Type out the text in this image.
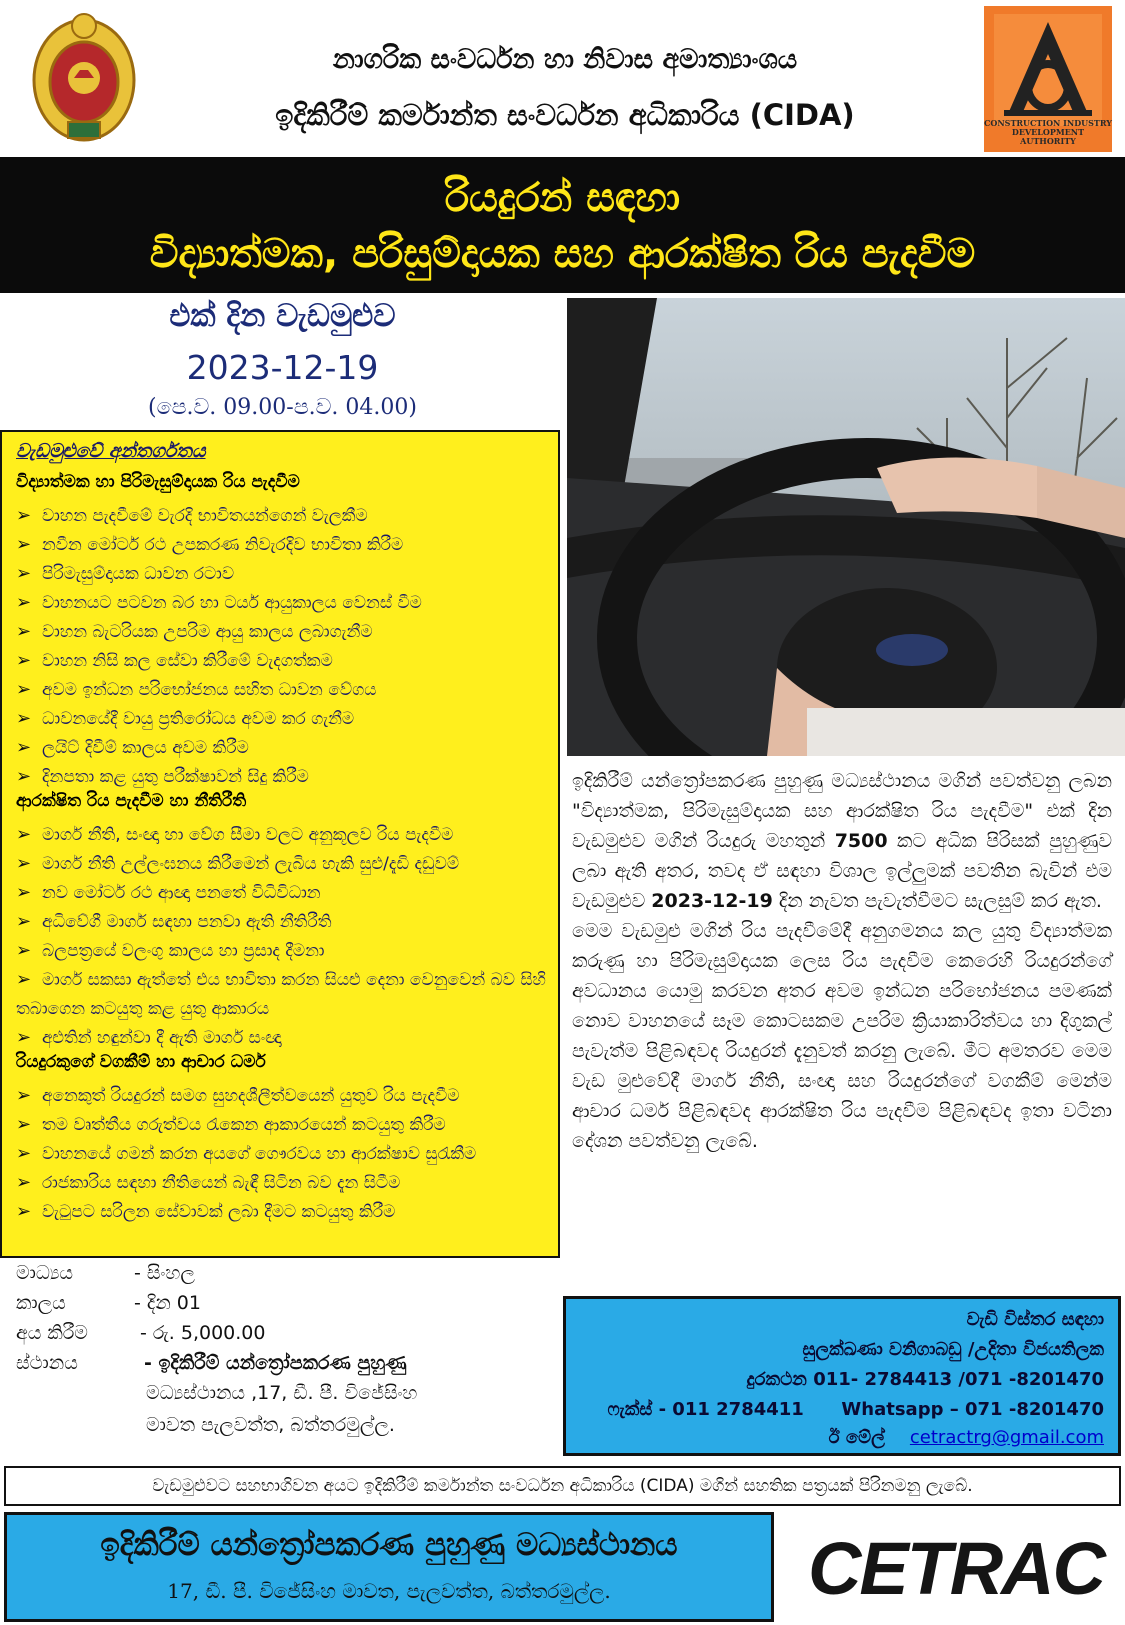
නාගරික සංවර්ධන හා නිවාස අමාත්‍යාංශය
ඉදිකිරීම් කර්මාන්ත සංවර්ධන අධිකාරිය (CIDA)	CONSTRUCTION INDUSTRY DEVELOPMENT AUTHORITY
රියදුරන් සඳහා
විද්‍යාත්මක, පරිසුම්දායක සහ ආරක්ෂිත රිය පැදවීම
එක් දින වැඩමුළුව
2023-12-19
(පෙ.ව. 09.00-ප.ව. 04.00)
වැඩමුළුවේ අන්තර්ගතය
විද්‍යාත්මක හා පිරිමැසුම්දායක රිය පැදවීම
➢ වාහන පැදවීමේ වැරදි භාවිතයන්ගෙන් වැලකීම
➢ නවීන මෝටර් රථ උපකරණ නිවැරදිව භාවිතා කිරීම
➢ පිරිමැසුම්දායක ධාවන රටාව
➢ වාහනයට පටවන බර හා ටයර් ආයුකාලය වෙනස් වීම
➢ වාහන බැටරියක උපරිම ආයු කාලය ලබාගැනීම
➢ වාහන නිසි කල සේවා කිරීමේ වැදගත්කම
➢ අවම ඉන්ධන පරිභෝජනය සහිත ධාවන වේගය
➢ ධාවනයේදී වායු ප්‍රතිරෝධය අවම කර ගැනීම
➢ ලයිට් දිවීම් කාලය අවම කිරීම
➢ දිනපතා කළ යුතු පරීක්ෂාවන් සිදු කිරීම
ආරක්ෂිත රිය පැදවීම හා නීතිරීති
➢ මාර්ග නීති, සංඥා හා වේග සීමා වලට අනුකූලව රිය පැදවීම
➢ මාර්ග නීති උල්ලංඝනය කිරීමෙන් ලැබිය හැකි සුළු/දැඩි දඩුවම්
➢ නව මෝටර් රථ ආඥා පනතේ විධිවිධාන
➢ අධිවේගී මාර්ග සඳහා පනවා ඇති නීතිරීති
➢ බලපත්‍රයේ වලංගු කාලය හා ප්‍රසාද දීමනා
➢ මාර්ග සකසා ඇත්තේ එය භාවිතා කරන සියළු දෙනා වෙනුවෙන් බව සිහි තබාගෙන කටයුතු කළ යුතු ආකාරය
➢ අළුතින් හඳුන්වා දී ඇති මාර්ග සංඥා
රියදුරකුගේ වගකීම් හා ආචාර ධර්ම
➢ අනෙකුත් රියදුරන් සමග සුහදශීලීත්වයෙන් යුතුව රිය පැදවීම
➢ තම වෘත්තීය ගරුත්වය රැකෙන ආකාරයෙන් කටයුතු කිරීම
➢ වාහනයේ ගමන් කරන අයගේ ගෞරවය හා ආරක්ෂාව සුරැකීම
➢ රාජකාරිය සඳහා නීතියෙන් බැඳී සිටින බව දැන සිටීම
➢ වැටුපට සරිලන සේවාවක් ලබා දීමට කටයුතු කිරීම
ඉදිකිරීම් යන්ත්‍රෝපකරණ පුහුණු මධ්‍යස්ථානය මගින් පවත්වනු ලබන "විද්‍යාත්මක, පිරිමැසුම්දායක සහ ආරක්ෂිත රිය පැදවීම" එක් දින වැඩමුළුව මගින් රියදුරු මහතුන් 7500 කට අධික පිරිසක් පුහුණුව ලබා ඇති අතර, තවද ඒ සඳහා විශාල ඉල්ලුමක් පවතින බැවින් එම වැඩමුළුව 2023-12-19 දින නැවත පැවැත්වීමට සැලසුම් කර ඇත.
මෙම වැඩමුළු මගින් රිය පැදවීමේදී අනුගමනය කල යුතු විද්‍යාත්මක කරුණු හා පිරිමැසුම්දායක ලෙස රිය පැදවීම කෙරෙහි රියදුරන්ගේ අවධානය යොමු කරවන අතර අවම ඉන්ධන පරිභෝජනය පමණක් නොව වාහනයේ සෑම කොටසකම උපරිම ක්‍රියාකාරිත්වය හා දිගුකල් පැවැත්ම පිළිබඳවද රියදුරන් දැනුවත් කරනු ලැබේ. මීට අමතරව මෙම වැඩ මුළුවේදී මාර්ග නීති, සංඥා සහ රියදුරන්ගේ වගකීම් මෙන්ම ආචාර ධර්ම පිළිබඳවද ආරක්ෂිත රිය පැදවීම පිළිබඳවද ඉතා වටිනා දේශන පවත්වනු ලැබේ.
මාධ්‍යය	- සිංහල
කාලය	- දින 01
අය කිරීම	- රු. 5,000.00
ස්ථානය	- ඉදිකිරීම් යන්ත්‍රෝපකරණ පුහුණු
මධ්‍යස්ථානය ,17, ඩී. පී. විජේසිංහ
මාවත පැලවත්ත, බත්තරමුල්ල.
වැඩි විස්තර සඳහා
සුලක්ඛණා වනිගාබඩු /උදිතා විජයතිලක
දුරකථන 011- 2784413 /071 -8201470
ෆැක්ස් - 011 2784411 Whatsapp – 071 -8201470
ඊ මේල් cetractrg@gmail.com
වැඩමුළුවට සහභාගිවන අයට ඉදිකිරීම් කර්මාන්ත සංවර්ධන අධිකාරිය (CIDA) මගින් සහතික පත්‍රයක් පිරිනමනු ලැබේ.
ඉදිකිරීම් යන්ත්‍රෝපකරණ පුහුණු මධ්‍යස්ථානය
17, ඩී. පී. විජේසිංහ මාවත, පැලවත්ත, බත්තරමුල්ල.	CETRAC
